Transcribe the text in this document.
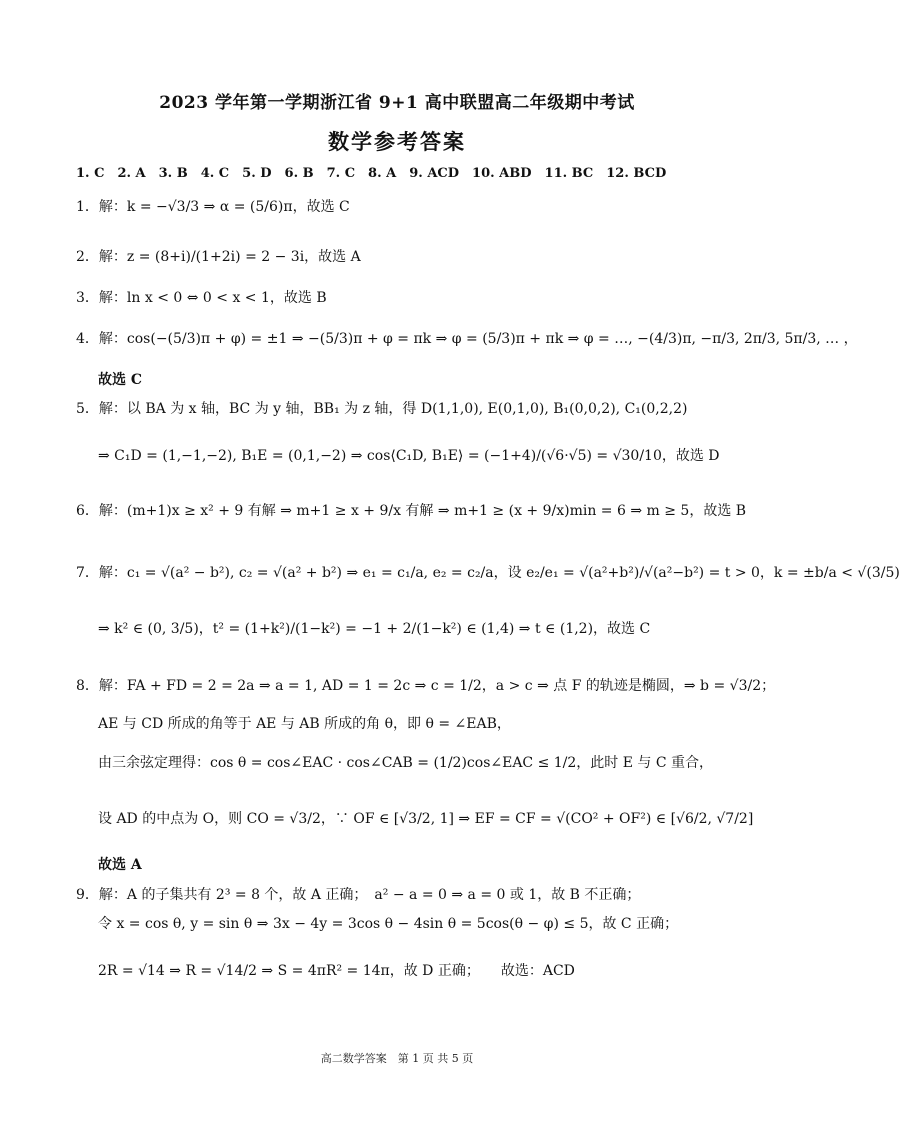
2023 学年第一学期浙江省 9+1 高中联盟高二年级期中考试
数学参考答案
1. C　2. A　3. B　4. C　5. D　6. B　7. C　8. A　9. ACD　10. ABD　11. BC　12. BCD
1．解：k = −√3/3 ⇒ α = (5/6)π，故选 C
2．解：z = (8+i)/(1+2i) = 2 − 3i，故选 A
3．解：ln x < 0 ⇔ 0 < x < 1，故选 B
4．解：cos(−(5/3)π + φ) = ±1 ⇒ −(5/3)π + φ = πk ⇒ φ = (5/3)π + πk ⇒ φ = …, −(4/3)π, −π/3, 2π/3, 5π/3, … ，
故选 C
5．解：以 BA 为 x 轴，BC 为 y 轴，BB₁ 为 z 轴，得 D(1,1,0), E(0,1,0), B₁(0,0,2), C₁(0,2,2)
⇒ C₁D = (1,−1,−2), B₁E = (0,1,−2) ⇒ cos⟨C₁D, B₁E⟩ = (−1+4)/(√6·√5) = √30/10，故选 D
6．解：(m+1)x ≥ x² + 9 有解 ⇒ m+1 ≥ x + 9/x 有解 ⇒ m+1 ≥ (x + 9/x)min = 6 ⇒ m ≥ 5，故选 B
7．解：c₁ = √(a² − b²), c₂ = √(a² + b²) ⇒ e₁ = c₁/a, e₂ = c₂/a，设 e₂/e₁ = √(a²+b²)/√(a²−b²) = t > 0，k = ±b/a < √(3/5)
⇒ k² ∈ (0, 3/5)，t² = (1+k²)/(1−k²) = −1 + 2/(1−k²) ∈ (1,4) ⇒ t ∈ (1,2)，故选 C
8．解：FA + FD = 2 = 2a ⇒ a = 1, AD = 1 = 2c ⇒ c = 1/2，a > c ⇒ 点 F 的轨迹是椭圆，⇒ b = √3/2；
AE 与 CD 所成的角等于 AE 与 AB 所成的角 θ，即 θ = ∠EAB，
由三余弦定理得：cos θ = cos∠EAC · cos∠CAB = (1/2)cos∠EAC ≤ 1/2，此时 E 与 C 重合，
设 AD 的中点为 O，则 CO = √3/2，∵ OF ∈ [√3/2, 1] ⇒ EF = CF = √(CO² + OF²) ∈ [√6/2, √7/2]
故选 A
9．解：A 的子集共有 2³ = 8 个，故 A 正确；　a² − a = 0 ⇒ a = 0 或 1，故 B 不正确；
令 x = cos θ, y = sin θ ⇒ 3x − 4y = 3cos θ − 4sin θ = 5cos(θ − φ) ≤ 5，故 C 正确；
2R = √14 ⇒ R = √14/2 ⇒ S = 4πR² = 14π，故 D 正确；　　故选：ACD
高二数学答案　第 1 页 共 5 页
